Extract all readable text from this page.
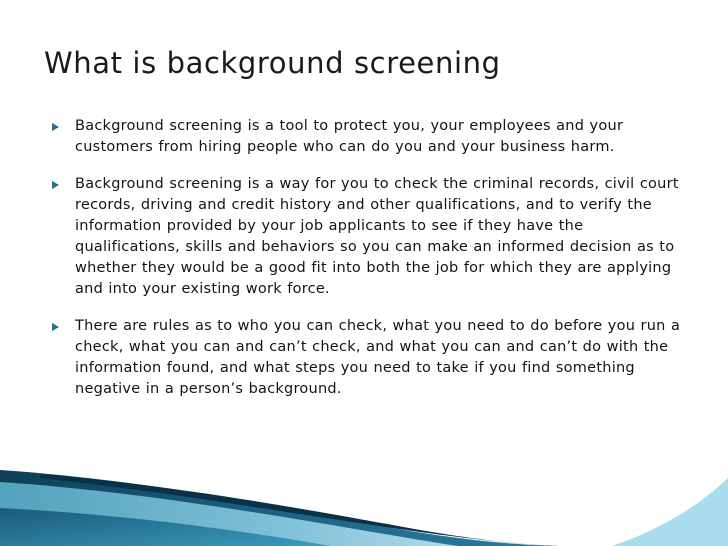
What is background screening
Background screening is a tool to protect you, your employees and your customers from hiring people who can do you and your business harm.
Background screening is a way for you to check the criminal records, civil court records, driving and credit history and other qualifications, and to verify the information provided by your job applicants to see if they have the qualifications, skills and behaviors so you can make an informed decision as to whether they would be a good fit into both the job for which they are applying and into your existing work force.
There are rules as to who you can check, what you need to do before you run a check, what you can and can’t check, and what you can and can’t do with the information found, and what steps you need to take if you find something negative in a person’s background.
